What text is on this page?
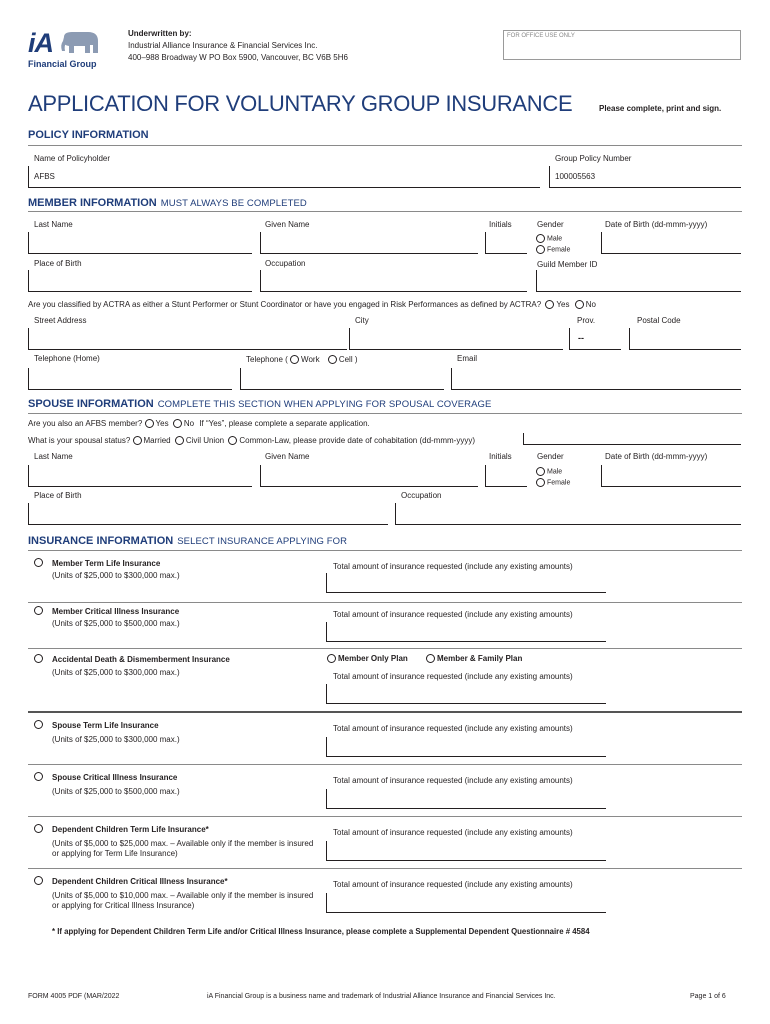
iA
Financial Group
Underwritten by:
Industrial Alliance Insurance & Financial Services Inc.
400–988 Broadway W PO Box 5900, Vancouver, BC V6B 5H6
FOR OFFICE USE ONLY
APPLICATION FOR VOLUNTARY GROUP INSURANCE	Please complete, print and sign.
POLICY INFORMATION
Name of Policyholder	Group Policy Number
AFBS	100005563
MEMBER INFORMATION MUST ALWAYS BE COMPLETED
Last Name	Given Name	Initials	Gender	Date of Birth (dd-mmm-yyyy)
Male
Female
Place of Birth	Occupation	Guild Member ID
Are you classified by ACTRA as either a Stunt Performer or Stunt Coordinator or have you engaged in Risk Performances as defined by ACTRA? Yes No
Street Address	City	Prov.	Postal Code
--
Telephone (Home)	Telephone ( Work Cell )	Email
SPOUSE INFORMATION COMPLETE THIS SECTION WHEN APPLYING FOR SPOUSAL COVERAGE
Are you also an AFBS member? Yes No If “Yes”, please complete a separate application.
What is your spousal status? Married Civil Union Common-Law, please provide date of cohabitation (dd-mmm-yyyy)
Last Name	Given Name	Initials	Gender	Date of Birth (dd-mmm-yyyy)
Male
Female
Place of Birth	Occupation
INSURANCE INFORMATION SELECT INSURANCE APPLYING FOR
Member Term Life Insurance
(Units of $25,000 to $300,000 max.)
Total amount of insurance requested (include any existing amounts)
Member Critical Illness Insurance
(Units of $25,000 to $500,000 max.)
Total amount of insurance requested (include any existing amounts)
Accidental Death & Dismemberment Insurance
(Units of $25,000 to $300,000 max.)
Member Only Plan	Member & Family Plan
Total amount of insurance requested (include any existing amounts)
Spouse Term Life Insurance
(Units of $25,000 to $300,000 max.)
Total amount of insurance requested (include any existing amounts)
Spouse Critical Illness Insurance
(Units of $25,000 to $500,000 max.)
Total amount of insurance requested (include any existing amounts)
Dependent Children Term Life Insurance*
(Units of $5,000 to $25,000 max. – Available only if the member is insured or applying for Term Life Insurance)
Total amount of insurance requested (include any existing amounts)
Dependent Children Critical Illness Insurance*
(Units of $5,000 to $10,000 max. – Available only if the member is insured or applying for Critical Illness Insurance)
Total amount of insurance requested (include any existing amounts)
* If applying for Dependent Children Term Life and/or Critical Illness Insurance, please complete a Supplemental Dependent Questionnaire # 4584
FORM 4005 PDF (MAR/2022	iA Financial Group is a business name and trademark of Industrial Alliance Insurance and Financial Services Inc.	Page 1 of 6
